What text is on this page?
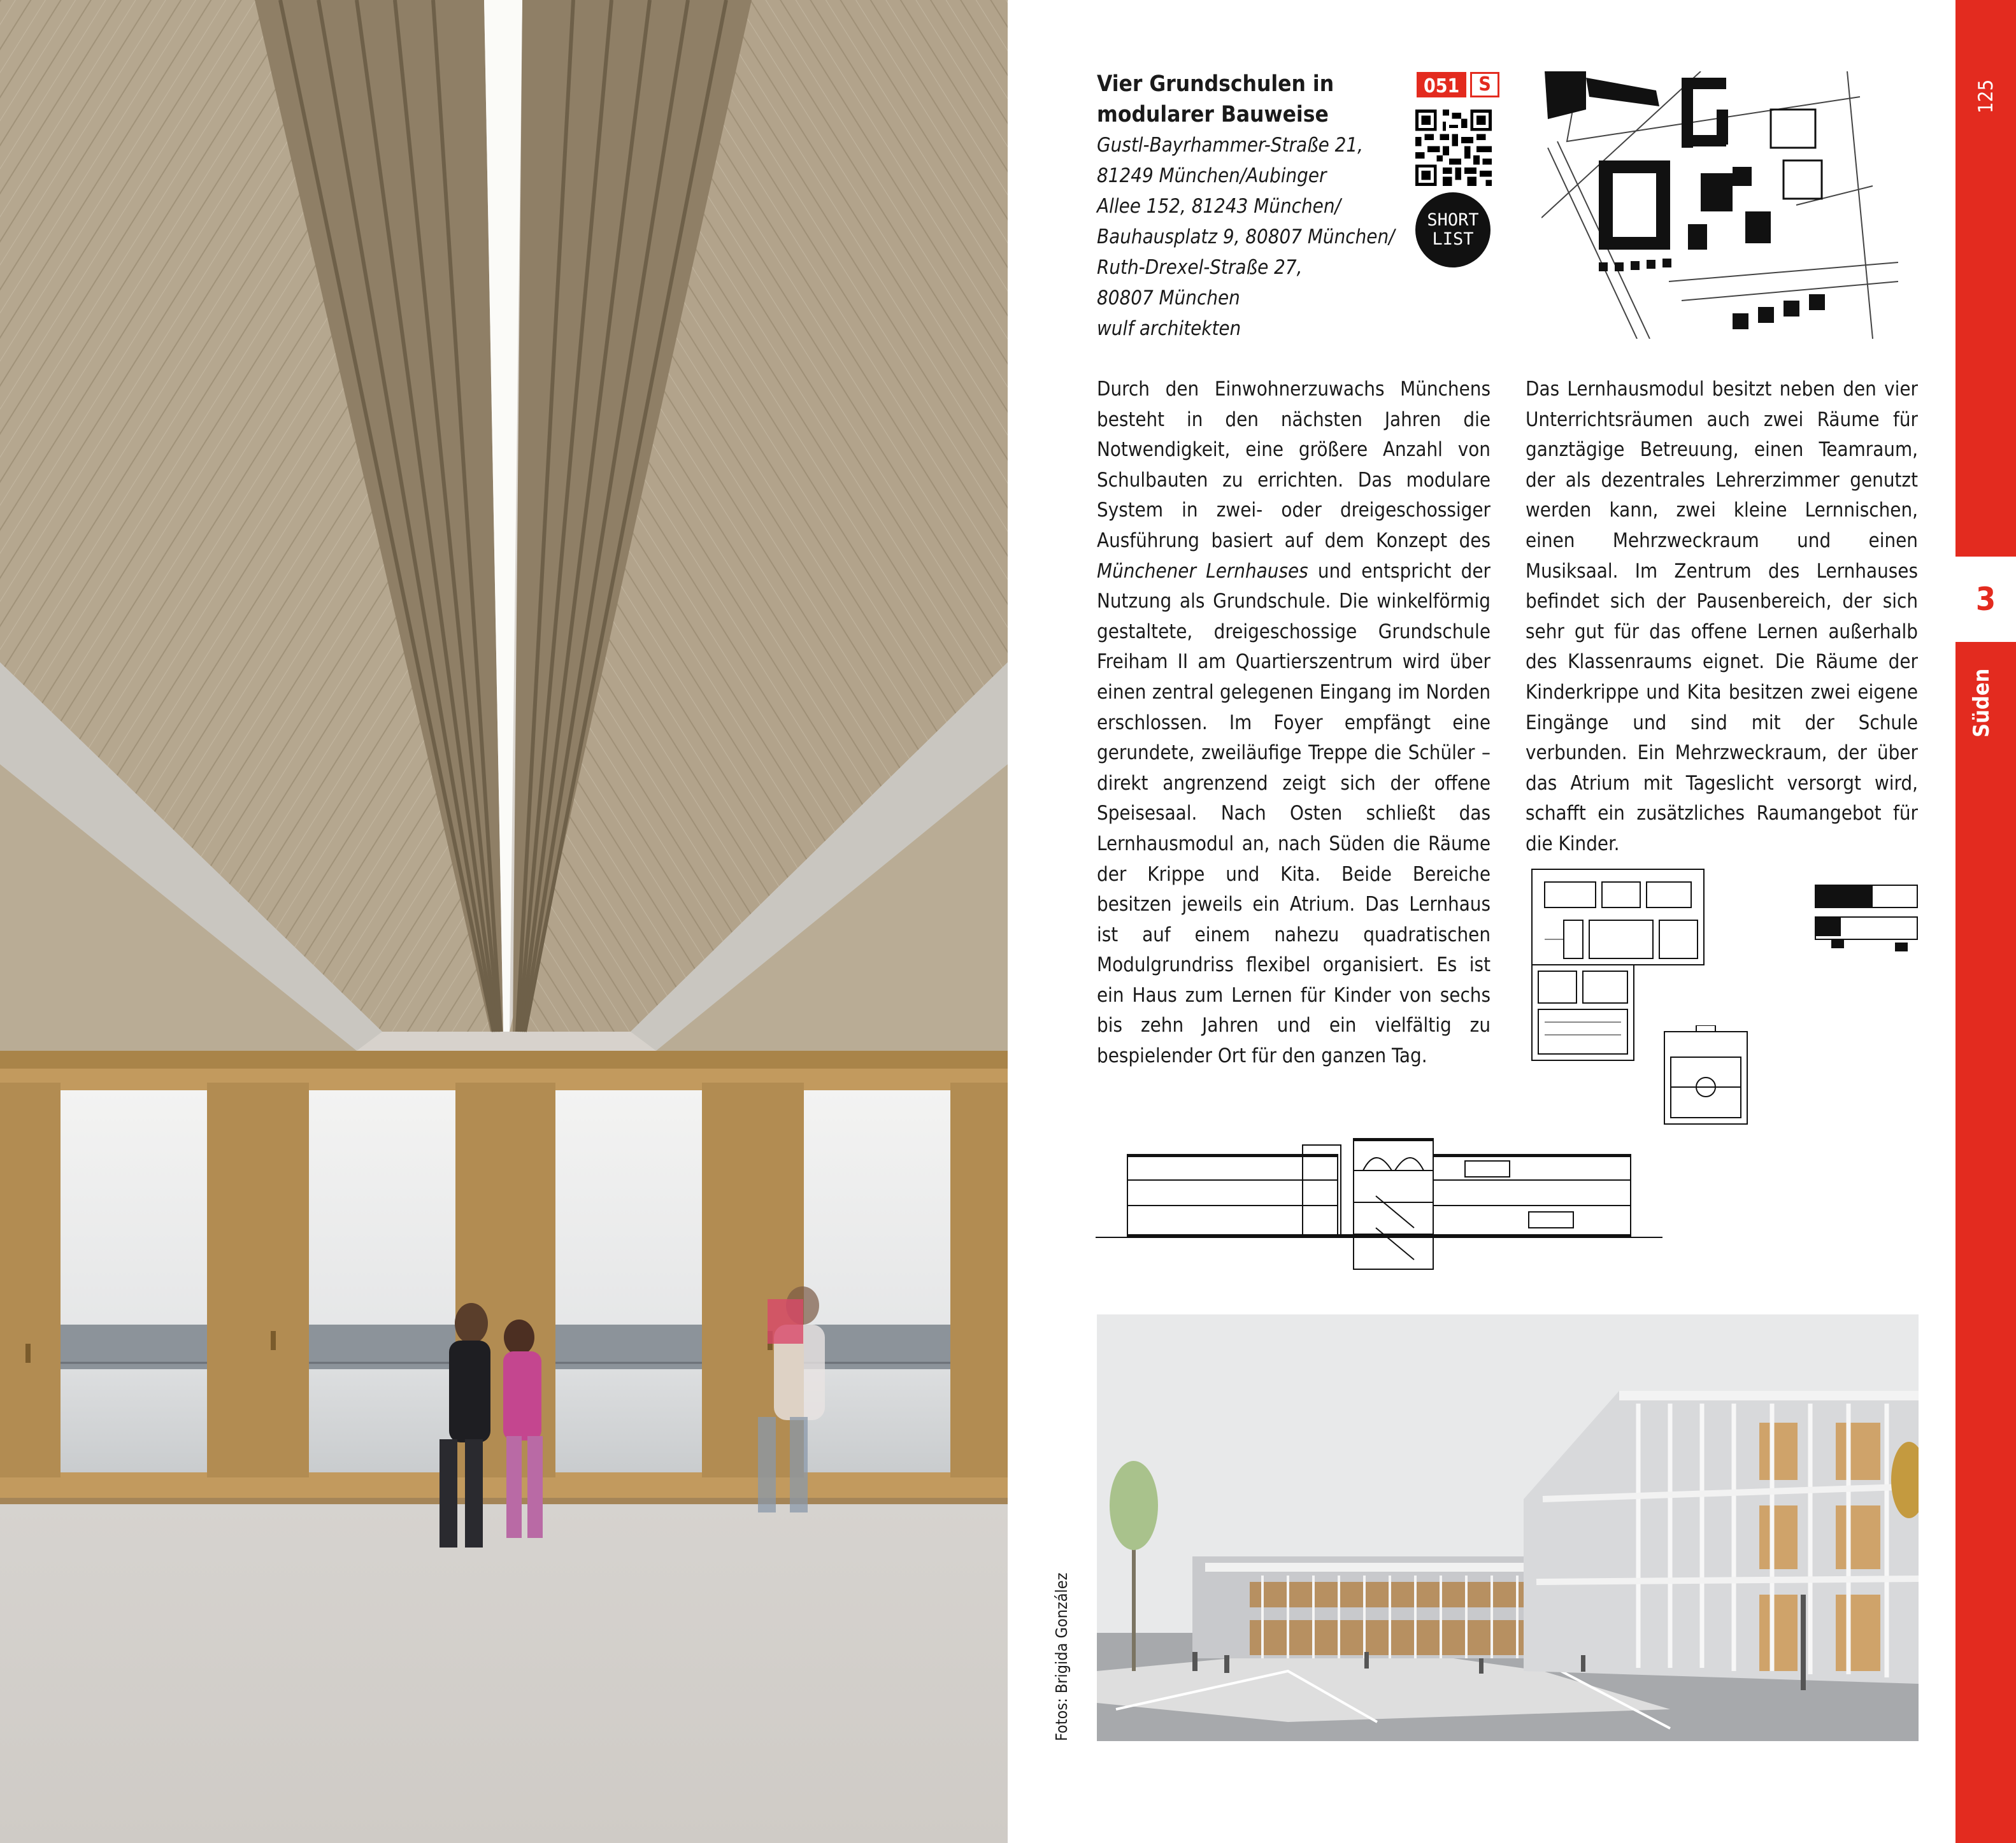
Vier Grundschulen in
modularer Bauweise
Gustl-Bayrhammer-Straße 21,
81249 München/Aubinger
Allee 152, 81243 München/
Bauhausplatz 9, 80807 München/
Ruth-Drexel-Straße 27,
80807 München
wulf architekten
051	S
SHORT
LIST

Durch den Einwohnerzuwachs Münchens besteht in den nächsten Jahren die Notwendigkeit, eine größere Anzahl von Schulbauten zu errichten. Das modulare System in zwei- oder dreigeschossiger Ausführung basiert auf dem Konzept des Münchener Lernhauses und entspricht der Nutzung als Grundschule. Die winkelförmig gestaltete, dreigeschossige Grundschule Freiham II am Quartierszentrum wird über einen zentral gelegenen Eingang im Norden erschlossen. Im Foyer empfängt eine gerundete, zweiläufige Treppe die Schüler – direkt angrenzend zeigt sich der offene Speisesaal. Nach Osten schließt das Lernhausmodul an, nach Süden die Räume der Krippe und Kita. Beide Bereiche besitzen jeweils ein Atrium. Das Lernhaus ist auf einem nahezu quadratischen Modulgrundriss flexibel organisiert. Es ist ein Haus zum Lernen für Kinder von sechs bis zehn Jahren und ein vielfältig zu bespielender Ort für den ganzen Tag.

Das Lernhausmodul besitzt neben den vier Unterrichtsräumen auch zwei Räume für ganztägige Betreuung, einen Teamraum, der als dezentrales Lehrerzimmer genutzt werden kann, zwei kleine Lernnischen, einen Mehrzweckraum und einen Musiksaal. Im Zentrum des Lernhauses befindet sich der Pausenbereich, der sich sehr gut für das offene Lernen außerhalb des Klassenraums eignet. Die Räume der Kinderkrippe und Kita besitzen zwei eigene Eingänge und sind mit der Schule verbunden. Ein Mehrzweckraum, der über das Atrium mit Tageslicht versorgt wird, schafft ein zusätzliches Raumangebot für die Kinder.

Fotos: Brigida González
125
3
Süden
